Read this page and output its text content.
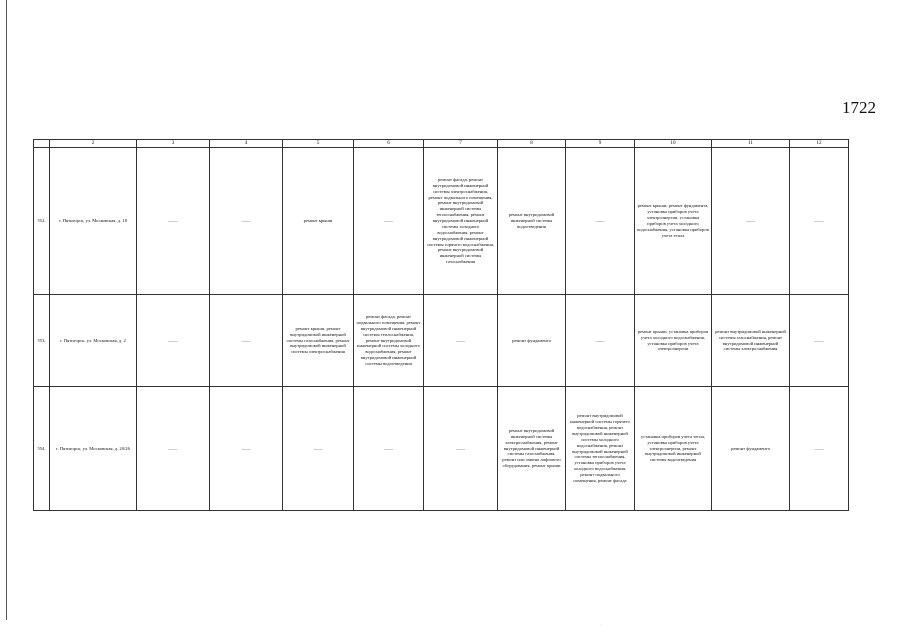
1722
	2	3	4	5	6	7	8	9	10	11	12
552.	г. Пятигорск, ул. Московская, д. 18	——	——	ремонт крыши	——	ремонт фасада, ремонт внутридомовой инженерной системы электроснабжения, ремонт подвального помещения, ремонт внутридомовой инженерной системы теплоснабжения, ремонт внутридомовой инженерной системы холодного водоснабжения, ремонт внутридомовой инженерной системы горячего водоснабжения, ремонт внутридомовой инженерной системы газоснабжения	ремонт внутридомовой инженерной системы водоотведения	——	ремонт крыши, ремонт фундамента, установка приборов учета электроэнергии, установка приборов учета холодного водоснабжения, установка приборов учета тепла	——	——
553.	г. Пятигорск, ул. Московская, д. 2	——	——	ремонт крыши, ремонт внутридомовой инженерной системы газоснабжения, ремонт внутридомовой инженерной системы электроснабжения	ремонт фасада, ремонт подвального помещения, ремонт внутридомовой инженерной системы теплоснабжения, ремонт внутридомовой инженерной системы холодного водоснабжения, ремонт внутридомовой инженерной системы водоотведения	——	ремонт фундамента	——	ремонт крыши, установка приборов учета холодного водоснабжения, установка приборов учета электроэнергии	ремонт внутридомовой инженерной системы газоснабжения, ремонт внутридомовой инженерной системы электроснабжения	——
554.	г. Пятигорск, ул. Московская, д. 20/26	——	——	——	——	——	ремонт внутридомовой инженерной системы электроснабжения, ремонт внутридомовой инженерной системы газоснабжения, ремонт или замена лифтового оборудования, ремонт крыши	ремонт внутридомовой инженерной системы горячего водоснабжения, ремонт внутридомовой инженерной системы холодного водоснабжения, ремонт внутридомовой инженерной системы теплоснабжения, установка приборов учета холодного водоснабжения, ремонт подвального помещения, ремонт фасада	установка приборов учета тепла, установка приборов учета электроэнергии, ремонт внутридомовой инженерной системы водоотведения	ремонт фундамента	——
·
